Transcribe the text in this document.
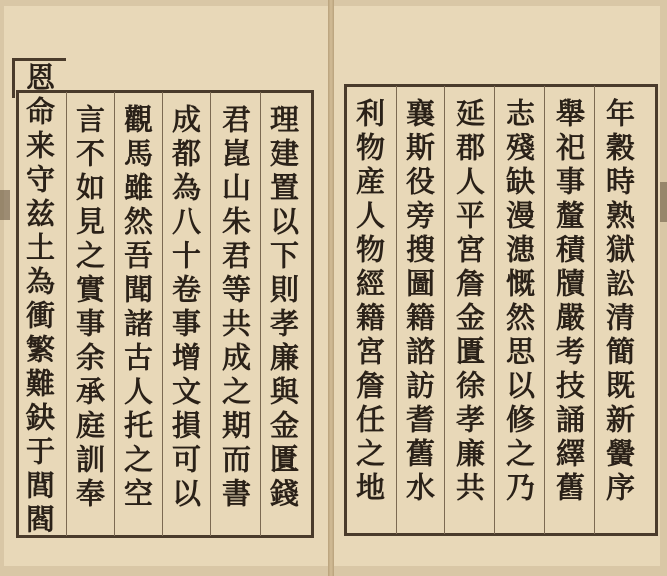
理建置以下則孝廉與金匱錢
君崑山朱君等共成之期而書
成都為八十卷事增文損可以
觀馬雖然吾聞諸古人托之空
言不如見之實事余承庭訓奉
恩命来守兹土為衝繁難鈌于閭閻	年穀時熟獄訟清簡既新黌序
舉祀事釐積牘嚴考技誦繹舊
志殘缺漫漶慨然思以修之乃
延郡人平宮詹金匱徐孝廉共
襄斯役旁搜圖籍諮訪耆舊水
利物産人物經籍宮詹任之地
